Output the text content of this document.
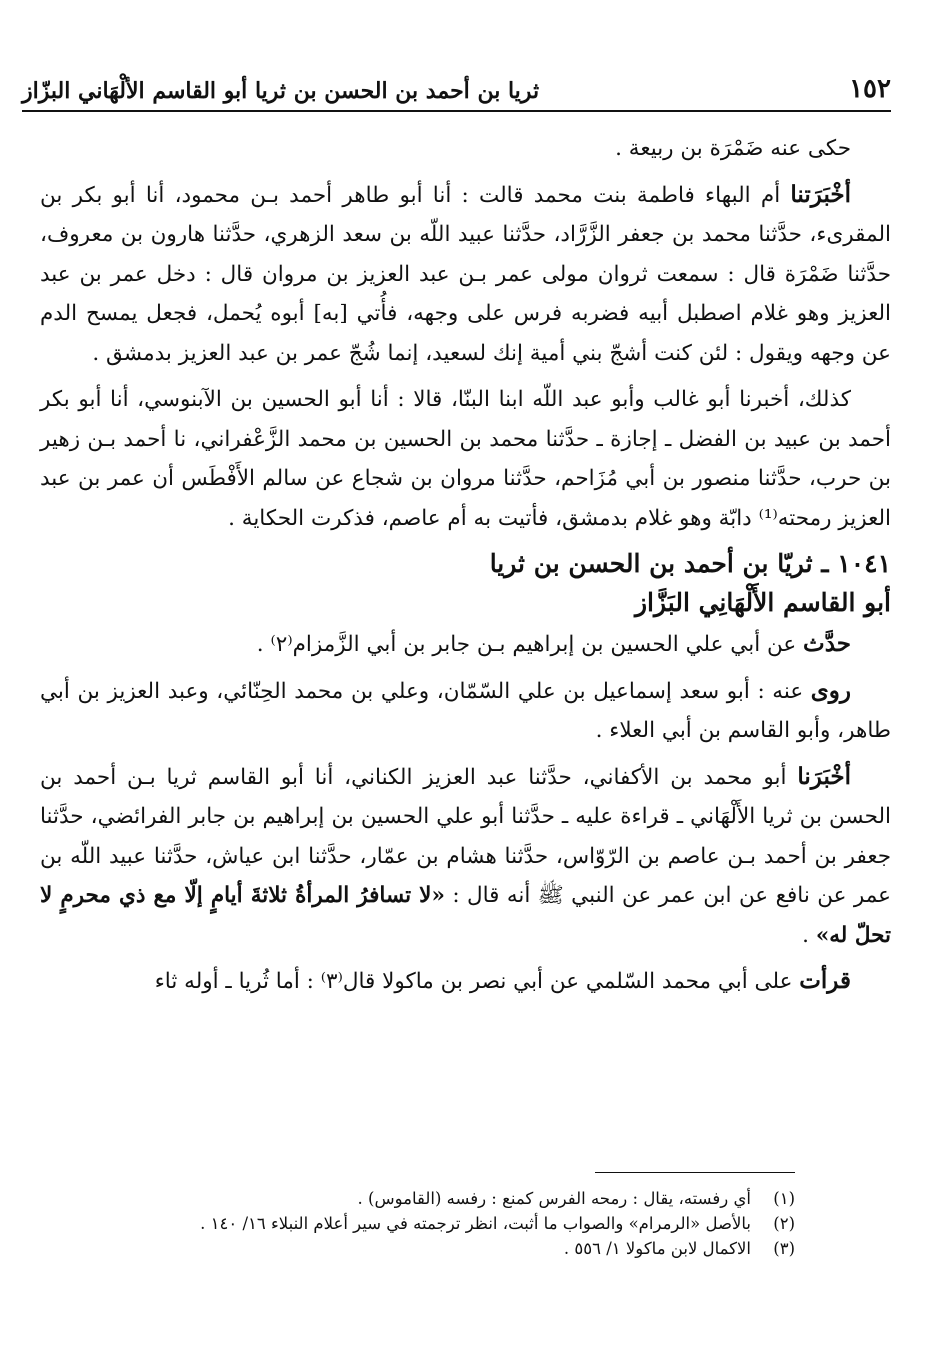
١٥٢
ثريا بن أحمد بن الحسن بن ثريا أبو القاسم الألْهَاني البزّاز

حكى عنه ضَمْرَة بن ربيعة .

أخْبَرَتنا أم البهاء فاطمة بنت محمد قالت : أنا أبو طاهر أحمد بـن محمود، أنا أبو بكر بن المقرىء، حدَّثنا محمد بن جعفر الزَّرَّاد، حدَّثنا عبيد اللّه بن سعد الزهري، حدَّثنا هارون بن معروف، حدَّثنا ضَمْرَة قال : سمعت ثروان مولى عمر بـن عبد العزيز بن مروان قال : دخل عمر بن عبد العزيز وهو غلام اصطبل أبيه فضربه فرس على وجهه، فأُتي [به] أبوه يُحمل، فجعل يمسح الدم عن وجهه ويقول : لئن كنت أشجّ بني أمية إنك لسعيد، إنما شُجّ عمر بن عبد العزيز بدمشق .

كذلك، أخبرنا أبو غالب وأبو عبد اللّه ابنا البنّا، قالا : أنا أبو الحسين بن الآبنوسي، أنا أبو بكر أحمد بن عبيد بن الفضل ـ إجازة ـ حدَّثنا محمد بن الحسين بن محمد الزَّعْفراني، نا أحمد بـن زهير بن حرب، حدَّثنا منصور بن أبي مُزَاحم، حدَّثنا مروان بن شجاع عن سالم الأَفْطَس أن عمر بن عبد العزيز رمحته⁽¹⁾ دابّة وهو غلام بدمشق، فأتيت به أم عاصم، فذكرت الحكاية .

١٠٤١ ـ ثريّا بن أحمد بن الحسن بن ثريا
أبو القاسم الأَلْهَانِي البَزَّاز

حدَّث عن أبي علي الحسين بن إبراهيم بـن جابر بن أبي الزَّمزام⁽٢⁾ .

روى عنه : أبو سعد إسماعيل بن علي السّمّان، وعلي بن محمد الحِنّائي، وعبد العزيز بن أبي طاهر، وأبو القاسم بن أبي العلاء .

أخْبَرَنا أبو محمد بن الأكفاني، حدَّثنا عبد العزيز الكناني، أنا أبو القاسم ثريا بـن أحمد بن الحسن بن ثريا الأَلْهَاني ـ قراءة عليه ـ حدَّثنا أبو علي الحسين بن إبراهيم بن جابر الفرائضي، حدَّثنا جعفر بن أحمد بـن عاصم بن الرّوّاس، حدَّثنا هشام بن عمّار، حدَّثنا ابن عياش، حدَّثنا عبيد اللّه بن عمر عن نافع عن ابن عمر عن النبي ﷺ أنه قال : «لا تسافرُ المرأةُ ثلاثةَ أيامٍ إلّا مع ذي محرمٍ لا تحلّ له» .

قرأت على أبي محمد السّلمي عن أبي نصر بن ماكولا قال⁽٣⁾ : أما ثُريا ـ أوله ثاء

(١)
أي رفسته، يقال : رمحه الفرس كمنع : رفسه (القاموس) .
(٢)
بالأصل «الرمرام» والصواب ما أثبت، انظر ترجمته في سير أعلام النبلاء ١٦/ ١٤٠ .
(٣)
الاكمال لابن ماكولا ١/ ٥٥٦ .
